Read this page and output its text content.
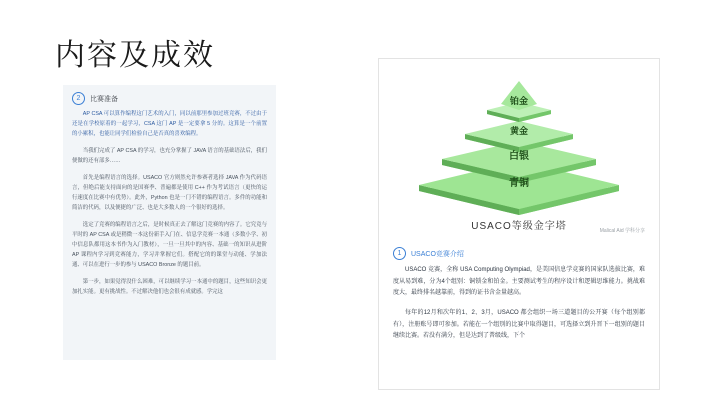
内容及成效
2	比赛准备

AP CSA 可以算作编程这门艺术的入门，同以前那里参加过班竞赛，不过由于还是在学校原着的一起学习，CSA 这门 AP 是一定要拿 5 分的。这算是一个前置的小累积，也能让同学们检验自己是否真的喜欢编程。

当我们完成了 AP CSA 的学习，也充分掌握了 JAVA 语言的基础语法后，我们便做的还有部多……

首先是编程语言的选择。USACO 官方则然允许参赛者选择 JAVA 作为代码语言，但绝后能支持面向的是国赛季、普遍都是使用 C++ 作为考试语言（更快的运行速度在比赛中有优势）。此外，Python 也是一门不错的编程语言。多件的功能和简洁的代码，以及便捷的广泛、也是大多数人的一个很好的选择。

选定了竞赛的编程语言之后，是时候真正去了解这门竞赛的内容了。它究竟与平时的 AP CSA 或是稍微一本这份新手入门在、信息学竞赛一本通（多数小学、初中信息队都用这本书作为入门教材），一旦一旦其中的内容、基础一的知识从进阶 AP 课程内学习到竞赛能力，学习并掌握它们。搭配它的的课堂与动能、学加法通、可以在进行一步的参与 USACO Bronze 的题目前。

第一步，如果觉得没什么困难，可以继续学习一本通中的题目，这些知识会更加扎实能。更有挑战性。不过解决他们也会很有成就感。学完这

铂金
黄金
白银
青铜
USACO等级金字塔	Malical Aid 学科分享
1	USACO竞赛介绍

USACO 竞赛，全称 USA Computing Olympiad，是美国信息学竞赛的国家队选拔比赛，难度从易到难，分为4个组别：铜锁金和铂金。主要测试考生的程序设计和逻辑思维能力。挑战难度大，最终排名越靠前，得到的证书含金量越高。

每年的12月和次年的1、2、3月，USACO 都会组织一场三道题目的公开赛（每个组别都有），注册账号即可参加。若能在一个组别的比赛中取得题目，可选择立到升晋下一组别的题目继续比赛。若没有满分，但是达到了普级线，下个
